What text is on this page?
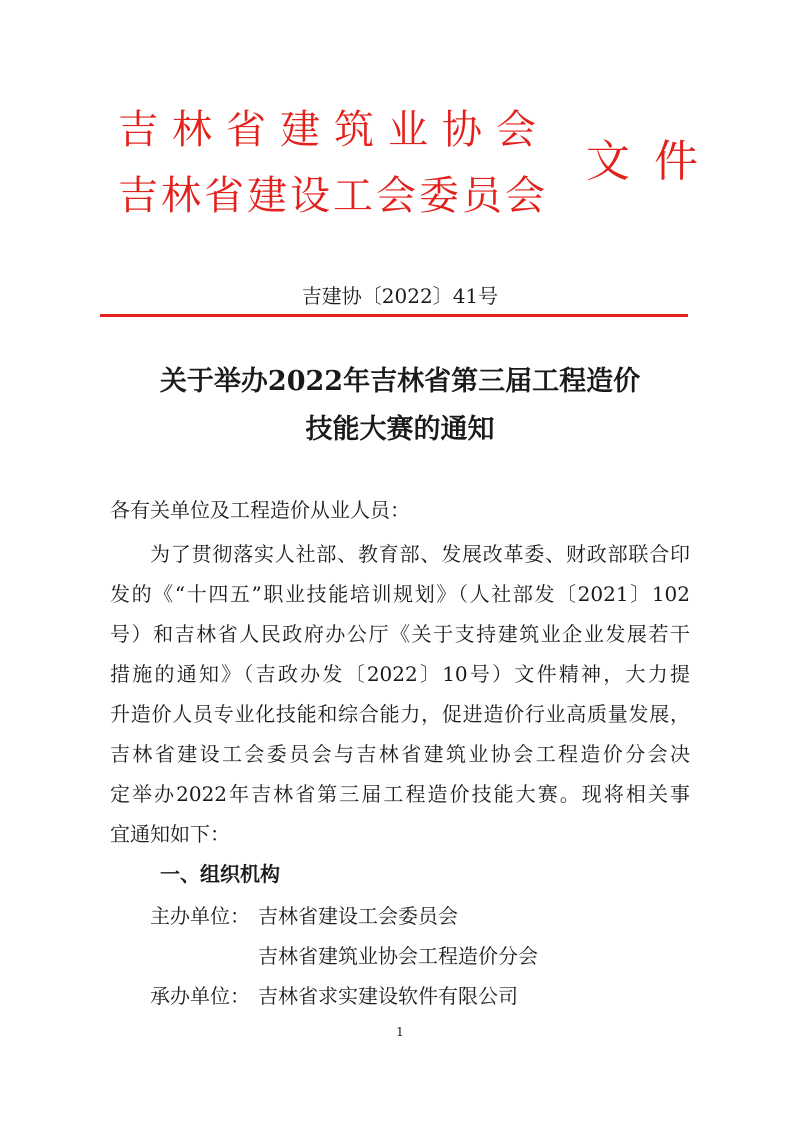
吉林省建筑业协会
吉林省建设工会委员会
文件
吉建协〔2022〕41号
关于举办2022年吉林省第三届工程造价
技能大赛的通知
各有关单位及工程造价从业人员：
为了贯彻落实人社部、教育部、发展改革委、财政部联合印
发的《“十四五”职业技能培训规划》（人社部发〔2021〕102
号）和吉林省人民政府办公厅《关于支持建筑业企业发展若干
措施的通知》（吉政办发〔2022〕10号）文件精神，大力提
升造价人员专业化技能和综合能力，促进造价行业高质量发展，
吉林省建设工会委员会与吉林省建筑业协会工程造价分会决
定举办2022年吉林省第三届工程造价技能大赛。现将相关事
宜通知如下：
一、组织机构
主办单位： 吉林省建设工会委员会
吉林省建筑业协会工程造价分会
承办单位： 吉林省求实建设软件有限公司
1
